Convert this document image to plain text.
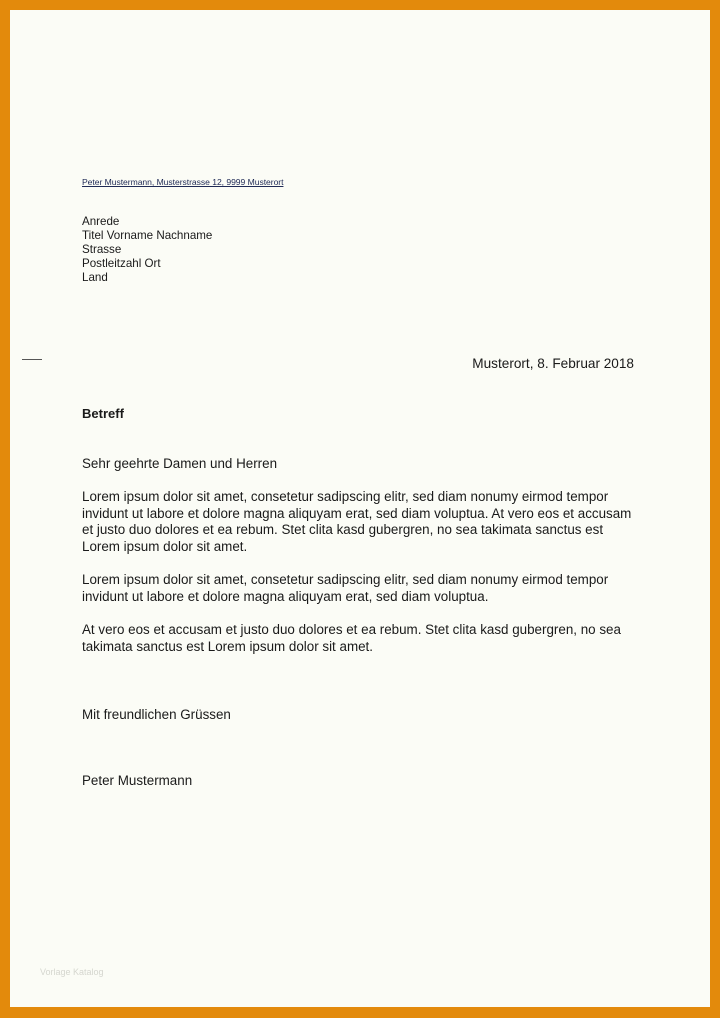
Peter Mustermann, Musterstrasse 12, 9999 Musterort
Anrede
Titel Vorname Nachname
Strasse
Postleitzahl Ort
Land
Musterort, 8. Februar 2018
Betreff
Sehr geehrte Damen und Herren

Lorem ipsum dolor sit amet, consetetur sadipscing elitr, sed diam nonumy eirmod tempor invidunt ut labore et dolore magna aliquyam erat, sed diam voluptua. At vero eos et accusam et justo duo dolores et ea rebum. Stet clita kasd gubergren, no sea takimata sanctus est Lorem ipsum dolor sit amet.

Lorem ipsum dolor sit amet, consetetur sadipscing elitr, sed diam nonumy eirmod tempor invidunt ut labore et dolore magna aliquyam erat, sed diam voluptua.

At vero eos et accusam et justo duo dolores et ea rebum. Stet clita kasd gubergren, no sea takimata sanctus est Lorem ipsum dolor sit amet.

Mit freundlichen Grüssen
Peter Mustermann
Vorlage Katalog
